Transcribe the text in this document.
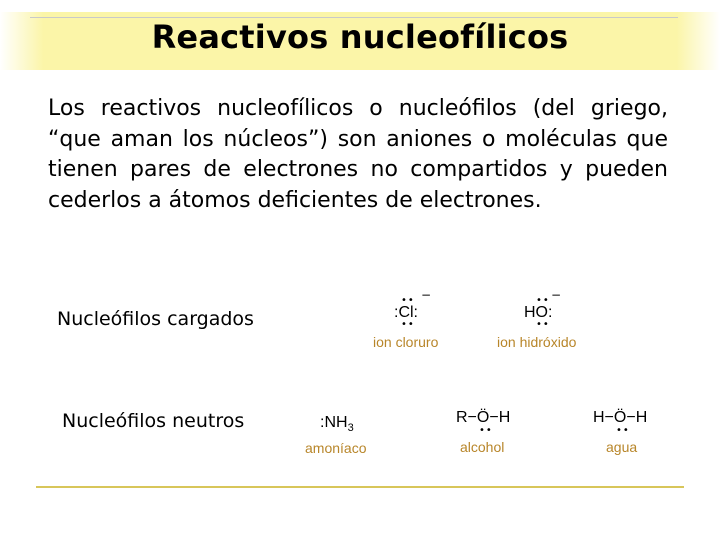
Reactivos nucleofílicos
Los reactivos nucleofílicos o nucleófilos (del griego, “que aman los núcleos”) son aniones o moléculas que tienen pares de electrones no compartidos y pueden cederlos a átomos deficientes de electrones.
Nucleófilos cargados
Nucleófilos neutros
:Cl:
−
••
••
ion cloruro
HO:
−
••
••
ion hidróxido
$:NH_3$
amoníaco
R−Ö−H
••
alcohol
H−Ö−H
••
agua
